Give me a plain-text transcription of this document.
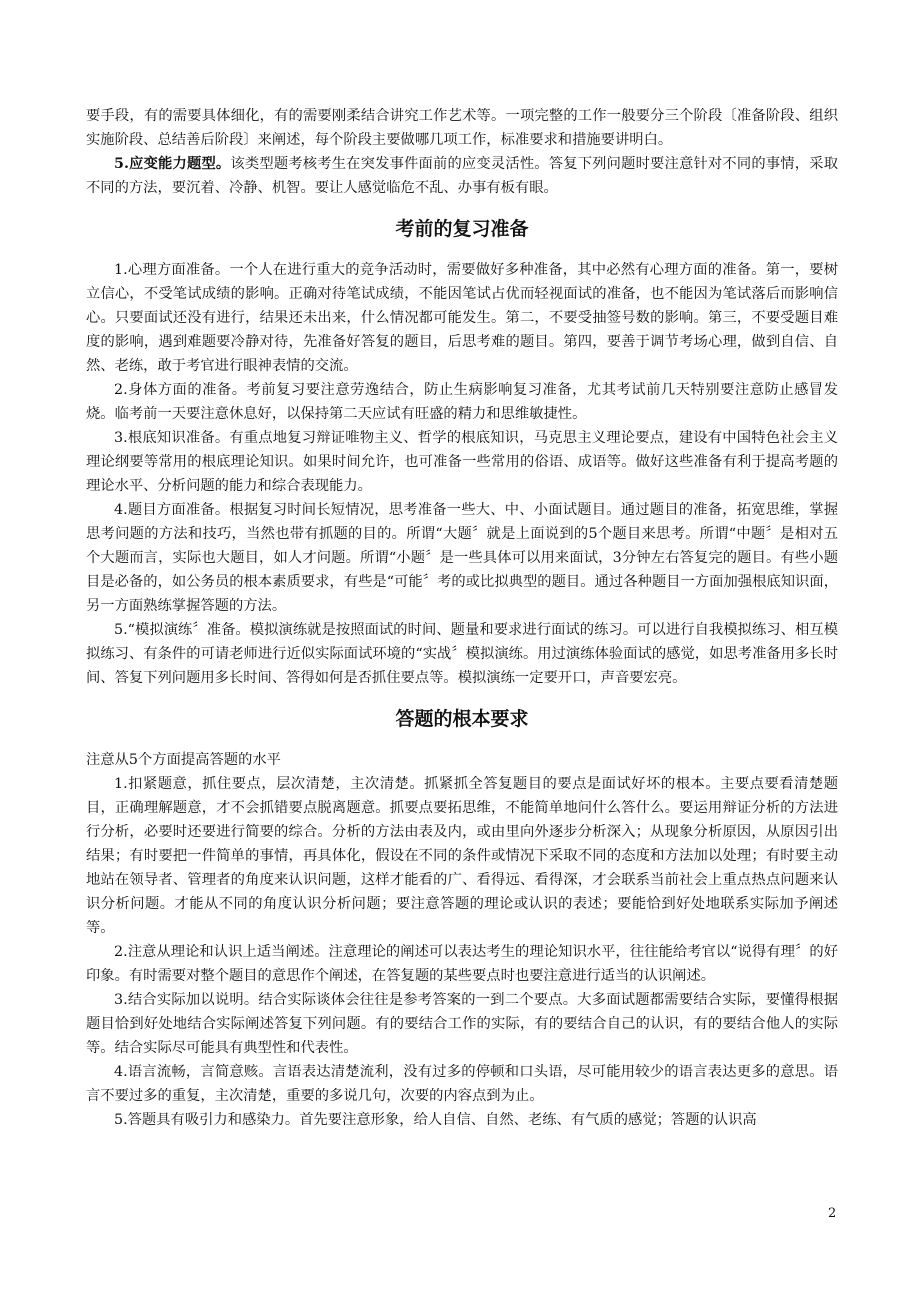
要手段，有的需要具体细化，有的需要刚柔结合讲究工作艺术等。一项完整的工作一般要分三个阶段〔准备阶段、组织实施阶段、总结善后阶段〕来阐述，每个阶段主要做哪几项工作，标准要求和措施要讲明白。

5.应变能力题型。该类型题考核考生在突发事件面前的应变灵活性。答复下列问题时要注意针对不同的事情，采取不同的方法，要沉着、冷静、机智。要让人感觉临危不乱、办事有板有眼。

考前的复习准备

1.心理方面准备。一个人在进行重大的竞争活动时，需要做好多种准备，其中必然有心理方面的准备。第一，要树立信心，不受笔试成绩的影响。正确对待笔试成绩，不能因笔试占优而轻视面试的准备，也不能因为笔试落后而影响信心。只要面试还没有进行，结果还未出来，什么情况都可能发生。第二，不要受抽签号数的影响。第三，不要受题目难度的影响，遇到难题要冷静对待，先准备好答复的题目，后思考难的题目。第四，要善于调节考场心理，做到自信、自然、老练，敢于考官进行眼神表情的交流。

2.身体方面的准备。考前复习要注意劳逸结合，防止生病影响复习准备，尤其考试前几天特别要注意防止感冒发烧。临考前一天要注意休息好，以保持第二天应试有旺盛的精力和思维敏捷性。

3.根底知识准备。有重点地复习辩证唯物主义、哲学的根底知识，马克思主义理论要点，建设有中国特色社会主义理论纲要等常用的根底理论知识。如果时间允许，也可准备一些常用的俗语、成语等。做好这些准备有利于提高考题的理论水平、分析问题的能力和综合表现能力。

4.题目方面准备。根据复习时间长短情况，思考准备一些大、中、小面试题目。通过题目的准备，拓宽思维，掌握思考问题的方法和技巧，当然也带有抓题的目的。所谓“大题〞就是上面说到的5个题目来思考。所谓“中题〞是相对五个大题而言，实际也大题目，如人才问题。所谓“小题〞是一些具体可以用来面试，3分钟左右答复完的题目。有些小题目是必备的，如公务员的根本素质要求，有些是“可能〞考的或比拟典型的题目。通过各种题目一方面加强根底知识面，另一方面熟练掌握答题的方法。

5.“模拟演练〞准备。模拟演练就是按照面试的时间、题量和要求进行面试的练习。可以进行自我模拟练习、相互模拟练习、有条件的可请老师进行近似实际面试环境的“实战〞模拟演练。用过演练体验面试的感觉，如思考准备用多长时间、答复下列问题用多长时间、答得如何是否抓住要点等。模拟演练一定要开口，声音要宏亮。

答题的根本要求

注意从5个方面提高答题的水平

1.扣紧题意，抓住要点，层次清楚，主次清楚。抓紧抓全答复题目的要点是面试好坏的根本。主要点要看清楚题目，正确理解题意，才不会抓错要点脱离题意。抓要点要拓思维，不能简单地问什么答什么。要运用辩证分析的方法进行分析，必要时还要进行简要的综合。分析的方法由表及内，或由里向外逐步分析深入；从现象分析原因，从原因引出结果；有时要把一件简单的事情，再具体化，假设在不同的条件或情况下采取不同的态度和方法加以处理；有时要主动地站在领导者、管理者的角度来认识问题，这样才能看的广、看得远、看得深，才会联系当前社会上重点热点问题来认识分析问题。才能从不同的角度认识分析问题；要注意答题的理论或认识的表述；要能恰到好处地联系实际加予阐述等。

2.注意从理论和认识上适当阐述。注意理论的阐述可以表达考生的理论知识水平，往往能给考官以“说得有理〞的好印象。有时需要对整个题目的意思作个阐述，在答复题的某些要点时也要注意进行适当的认识阐述。

3.结合实际加以说明。结合实际谈体会往往是参考答案的一到二个要点。大多面试题都需要结合实际，要懂得根据题目恰到好处地结合实际阐述答复下列问题。有的要结合工作的实际，有的要结合自己的认识，有的要结合他人的实际等。结合实际尽可能具有典型性和代表性。

4.语言流畅，言简意赅。言语表达清楚流利，没有过多的停顿和口头语，尽可能用较少的语言表达更多的意思。语言不要过多的重复，主次清楚，重要的多说几句，次要的内容点到为止。

5.答题具有吸引力和感染力。首先要注意形象，给人自信、自然、老练、有气质的感觉；答题的认识高

2
